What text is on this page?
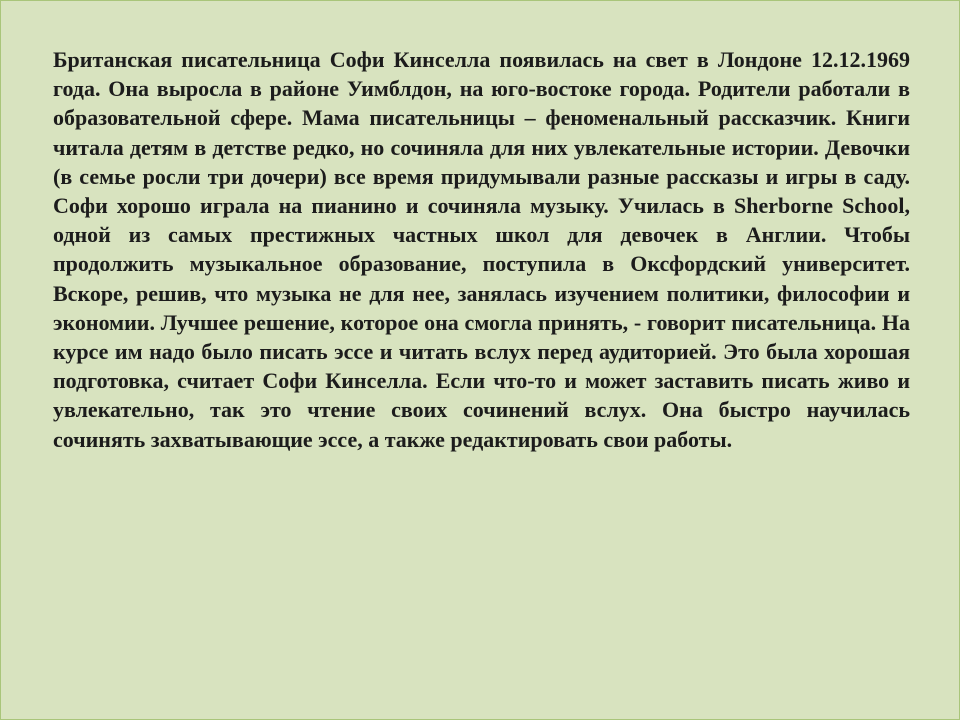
Британская писательница Софи Кинселла появилась на свет в Лондоне 12.12.1969 года. Она выросла в районе Уимблдон, на юго-востоке города. Родители работали в образовательной сфере. Мама писательницы – феноменальный рассказчик. Книги читала детям в детстве редко, но сочиняла для них увлекательные истории. Девочки (в семье росли три дочери) все время придумывали разные рассказы и игры в саду. Софи хорошо играла на пианино и сочиняла музыку. Училась в Sherborne School, одной из самых престижных частных школ для девочек в Англии. Чтобы продолжить музыкальное образование, поступила в Оксфордский университет. Вскоре, решив, что музыка не для нее, занялась изучением политики, философии и экономии. Лучшее решение, которое она смогла принять, - говорит писательница. На курсе им надо было писать эссе и читать вслух перед аудиторией. Это была хорошая подготовка, считает Софи Кинселла. Если что-то и может заставить писать живо и увлекательно, так это чтение своих сочинений вслух. Она быстро научилась сочинять захватывающие эссе, а также редактировать свои работы.
